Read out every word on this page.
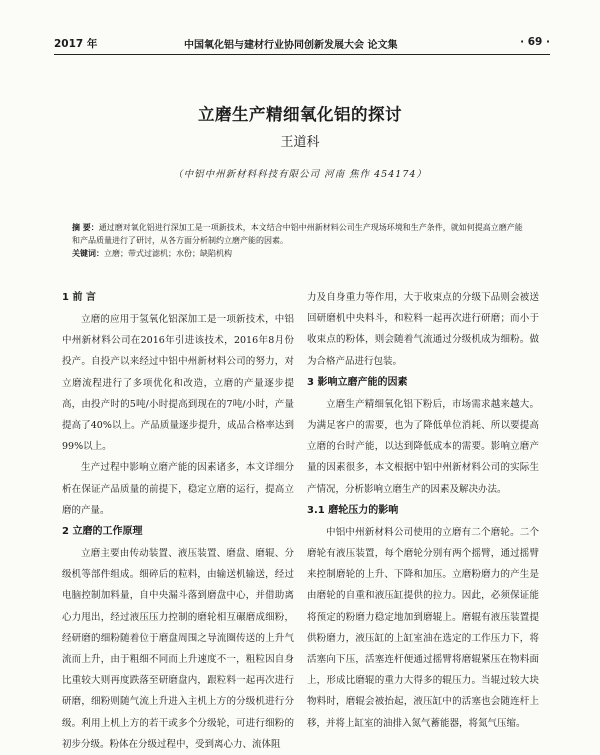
2017 年	中国氧化铝与建材行业协同创新发展大会 论文集	· 69 ·
立磨生产精细氧化铝的探讨
王道科
（中铝中州新材料科技有限公司 河南 焦作 454174）
摘 要：通过磨对氧化铝进行深加工是一项新技术，本文结合中铝中州新材料公司生产现场环境和生产条件，就如何提高立磨产能和产品质量进行了研讨，从各方面分析制约立磨产能的因素。
关键词：立磨；带式过滤机；水份；缺陷机构
1 前 言

立磨的应用于氢氧化铝深加工是一项新技术，中铝中州新材料公司在2016年引进该技术，2016年8月份投产。自投产以来经过中铝中州新材料公司的努力，对立磨流程进行了多项优化和改造，立磨的产量逐步提高，由投产时的5吨/小时提高到现在的7吨/小时，产量提高了40%以上。产品质量逐步提升，成品合格率达到99%以上。

生产过程中影响立磨产能的因素诸多，本文详细分析在保证产品质量的前提下，稳定立磨的运行，提高立磨的产量。

2 立磨的工作原理

立磨主要由传动装置、液压装置、磨盘、磨辊、分级机等部件组成。细碎后的粒料，由输送机输送，经过电脑控制加料量，自中央漏斗落到磨盘中心，并借助离心力甩出，经过液压压力控制的磨轮相互碾磨成细粉，经研磨的细粉随着位于磨盘周围之导流圈传送的上升气流而上升，由于粗细不同而上升速度不一，粗粒因自身比重较大则再度跌落至研磨盘内，跟粒料一起再次进行研磨，细粉则随气流上升进入主机上方的分级机进行分级。利用上机上方的若干或多个分级轮，可进行细粉的初步分级。粉体在分级过程中，受到离心力、流体阻

力及自身重力等作用，大于收束点的分级下品则会被送回研磨机中央料斗，和粒料一起再次进行研磨；而小于收束点的粉体，则会随着气流通过分级机成为细粉。做为合格产品进行包装。

3 影响立磨产能的因素

立磨生产精细氧化铝下粉后，市场需求越来越大。为满足客户的需要，也为了降低单位消耗、所以要提高立磨的台时产能，以达到降低成本的需要。影响立磨产量的因素很多，本文根据中铝中州新材料公司的实际生产情况，分析影响立磨生产的因素及解决办法。

3.1 磨轮压力的影响

中铝中州新材料公司使用的立磨有二个磨轮。二个磨轮有液压装置，每个磨轮分别有两个摇臂，通过摇臂来控制磨轮的上升、下降和加压。立磨粉磨力的产生是由磨轮的自重和液压缸提供的拉力。因此，必须保证能将预定的粉磨力稳定地加到磨辊上。磨辊有液压装置提供粉磨力，液压缸的上缸室油在选定的工作压力下，将活塞向下压，活塞连杆便通过摇臂将磨辊紧压在物料面上，形成比磨辊的重力大得多的辊压力。当辊过较大块物料时，磨辊会被抬起，液压缸中的活塞也会随连杆上移，并将上缸室的油排入氮气蓄能器，将氮气压缩。
